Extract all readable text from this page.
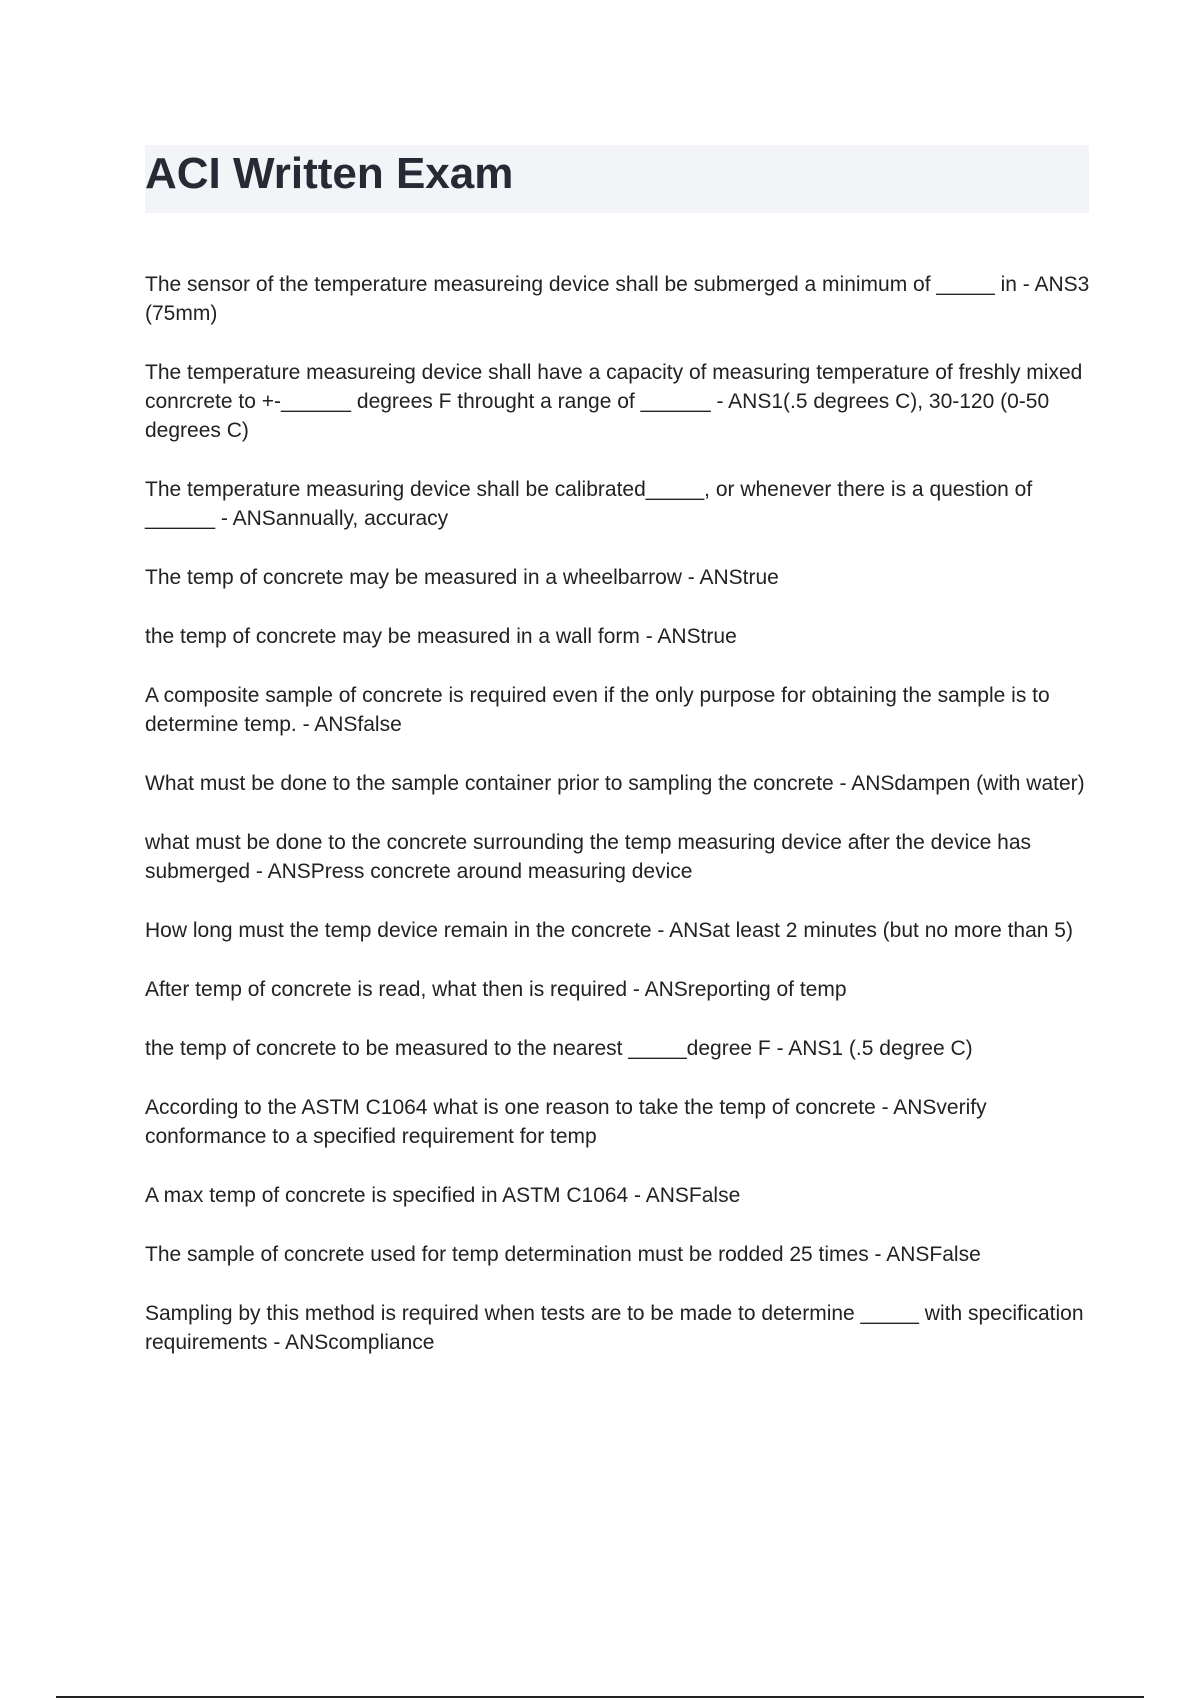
ACI Written Exam
The sensor of the temperature measureing device shall be submerged a minimum of _____ in - ANS3 (75mm)
The temperature measureing device shall have a capacity of measuring temperature of freshly mixed conrcrete to +-______ degrees F throught a range of ______ - ANS1(.5 degrees C), 30-120 (0-50 degrees C)
The temperature measuring device shall be calibrated_____, or whenever there is a question of ______ - ANSannually, accuracy
The temp of concrete may be measured in a wheelbarrow - ANStrue
the temp of concrete may be measured in a wall form - ANStrue
A composite sample of concrete is required even if the only purpose for obtaining the sample is to determine temp. - ANSfalse
What must be done to the sample container prior to sampling the concrete - ANSdampen (with water)
what must be done to the concrete surrounding the temp measuring device after the device has submerged - ANSPress concrete around measuring device
How long must the temp device remain in the concrete - ANSat least 2 minutes (but no more than 5)
After temp of concrete is read, what then is required - ANSreporting of temp
the temp of concrete to be measured to the nearest _____degree F - ANS1 (.5 degree C)
According to the ASTM C1064 what is one reason to take the temp of concrete - ANSverify conformance to a specified requirement for temp
A max temp of concrete is specified in ASTM C1064 - ANSFalse
The sample of concrete used for temp determination must be rodded 25 times - ANSFalse
Sampling by this method is required when tests are to be made to determine _____ with specification requirements - ANScompliance
